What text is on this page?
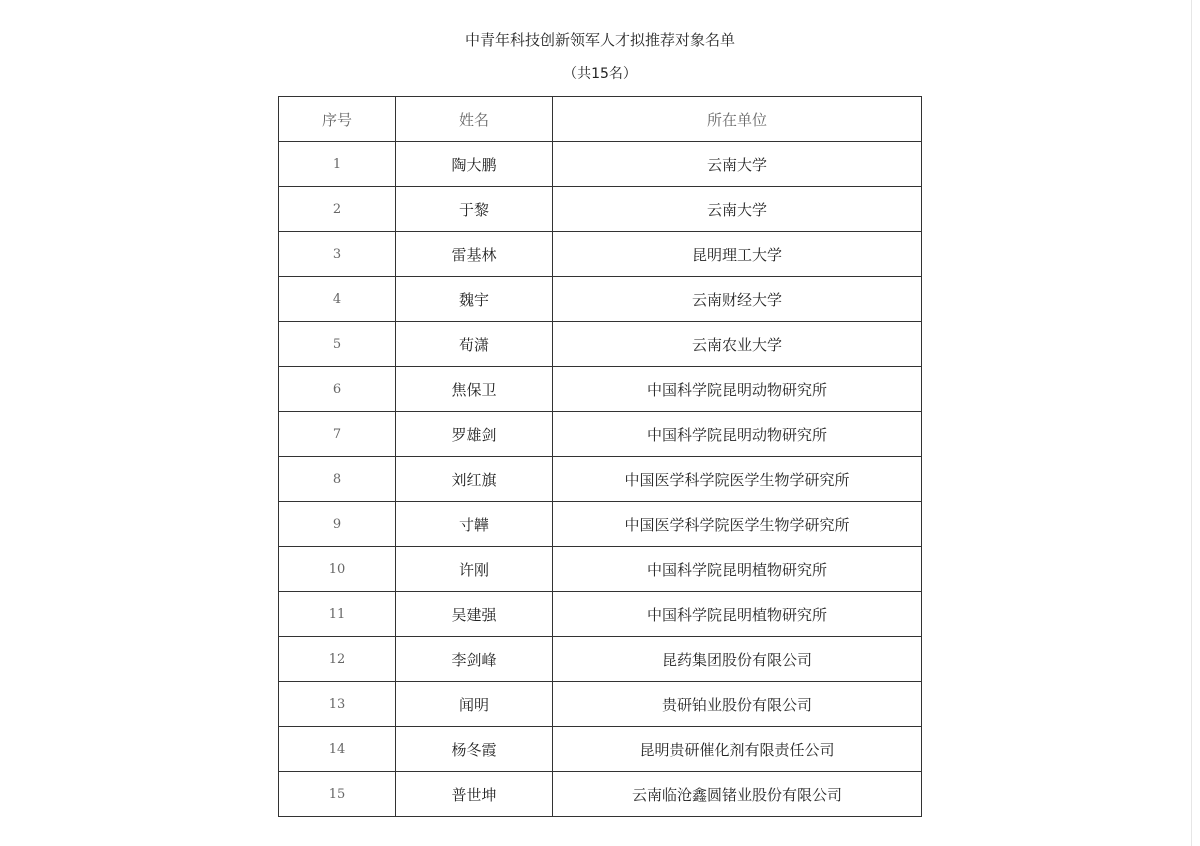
中青年科技创新领军人才拟推荐对象名单
（共15名）
序号	姓名	所在单位
1	陶大鹏	云南大学
2	于黎	云南大学
3	雷基林	昆明理工大学
4	魏宇	云南财经大学
5	荀潇	云南农业大学
6	焦保卫	中国科学院昆明动物研究所
7	罗雄剑	中国科学院昆明动物研究所
8	刘红旗	中国医学科学院医学生物学研究所
9	寸韡	中国医学科学院医学生物学研究所
10	许刚	中国科学院昆明植物研究所
11	吴建强	中国科学院昆明植物研究所
12	李剑峰	昆药集团股份有限公司
13	闻明	贵研铂业股份有限公司
14	杨冬霞	昆明贵研催化剂有限责任公司
15	普世坤	云南临沧鑫圆锗业股份有限公司
